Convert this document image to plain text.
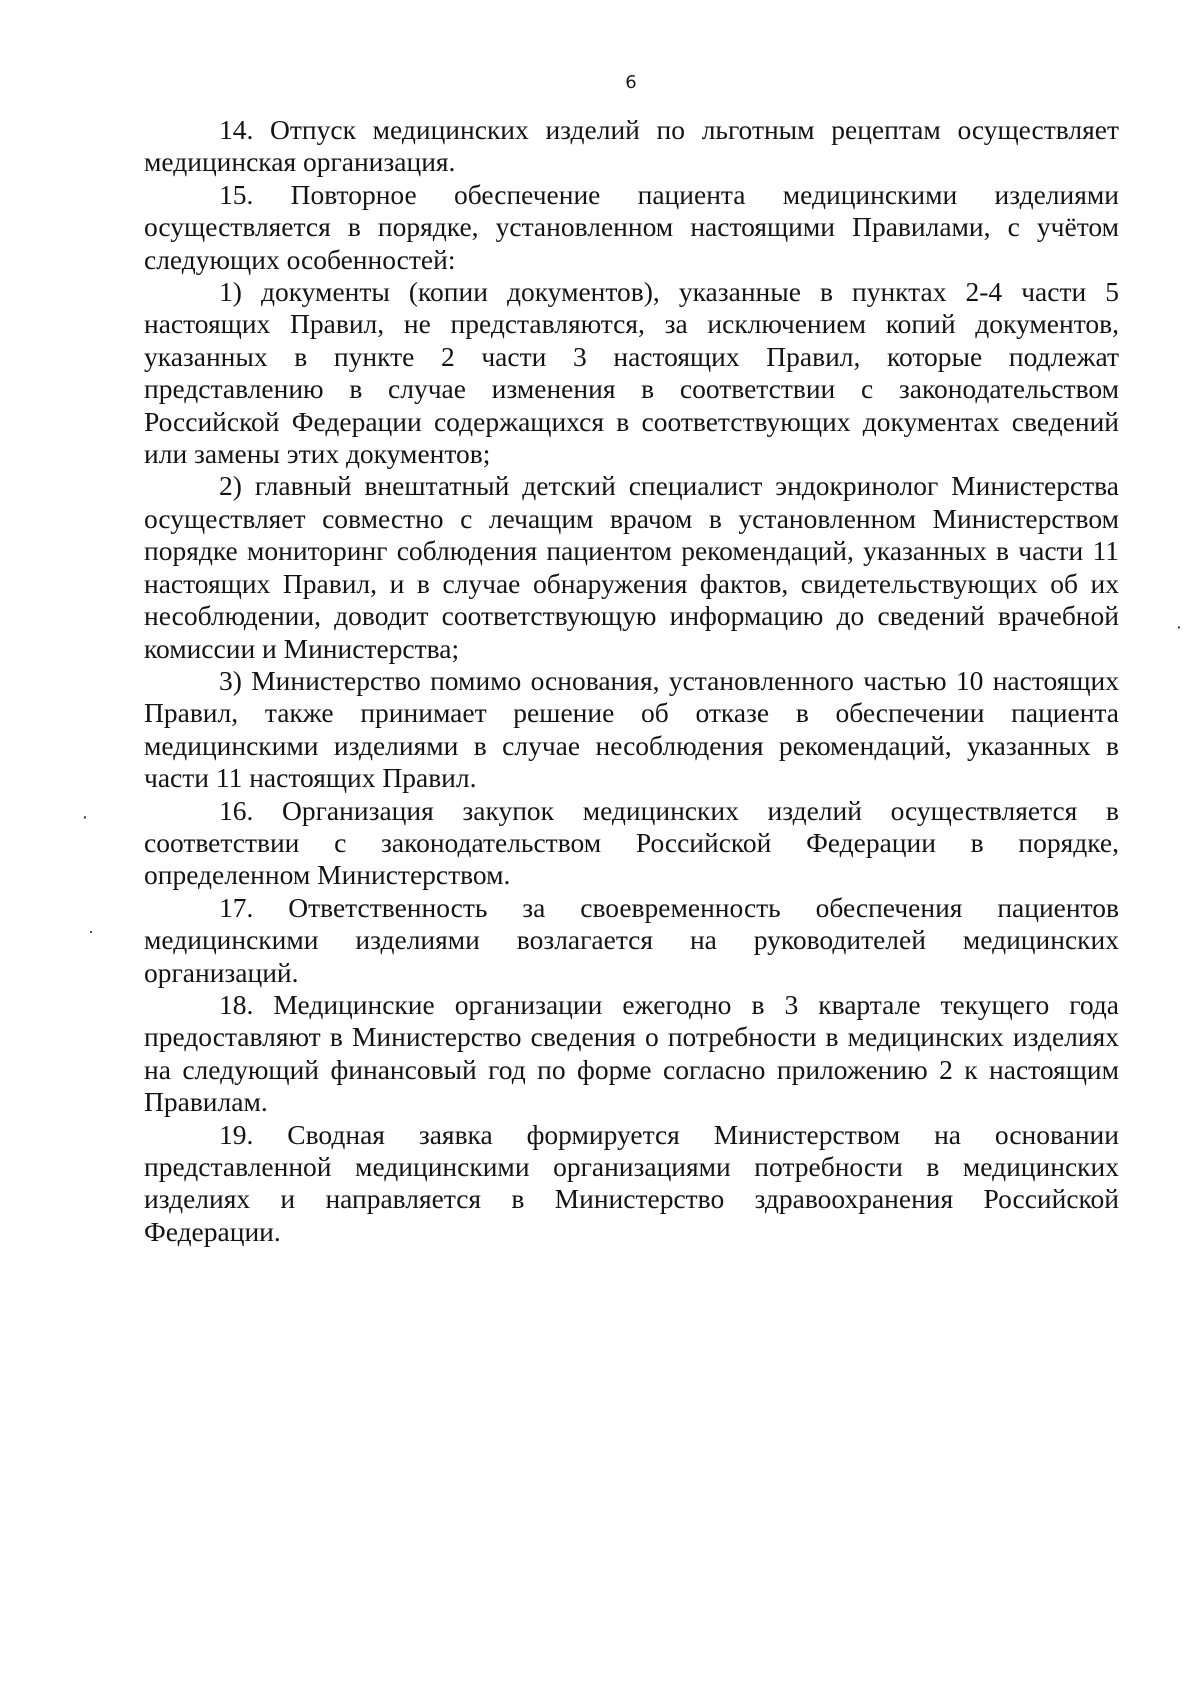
6

14. Отпуск медицинских изделий по льготным рецептам осуществляет медицинская организация.

15. Повторное обеспечение пациента медицинскими изделиями осуществляется в порядке, установленном настоящими Правилами, с учётом следующих особенностей:

1) документы (копии документов), указанные в пунктах 2-4 части 5 настоящих Правил, не представляются, за исключением копий документов, указанных в пункте 2 части 3 настоящих Правил, которые подлежат представлению в случае изменения в соответствии с законодательством Российской Федерации содержащихся в соответствующих документах сведений или замены этих документов;

2) главный внештатный детский специалист эндокринолог Министерства осуществляет совместно с лечащим врачом в установленном Министерством порядке мониторинг соблюдения пациентом рекомендаций, указанных в части 11 настоящих Правил, и в случае обнаружения фактов, свидетельствующих об их несоблюдении, доводит соответствующую информацию до сведений врачебной комиссии и Министерства;

3) Министерство помимо основания, установленного частью 10 настоящих Правил, также принимает решение об отказе в обеспечении пациента медицинскими изделиями в случае несоблюдения рекомендаций, указанных в части 11 настоящих Правил.

16. Организация закупок медицинских изделий осуществляется в соответствии с законодательством Российской Федерации в порядке, определенном Министерством.

17. Ответственность за своевременность обеспечения пациентов медицинскими изделиями возлагается на руководителей медицинских организаций.

18. Медицинские организации ежегодно в 3 квартале текущего года предоставляют в Министерство сведения о потребности в медицинских изделиях на следующий финансовый год по форме согласно приложению 2 к настоящим Правилам.

19. Сводная заявка формируется Министерством на основании представленной медицинскими организациями потребности в медицинских изделиях и направляется в Министерство здравоохранения Российской Федерации.

‧
‧
·
